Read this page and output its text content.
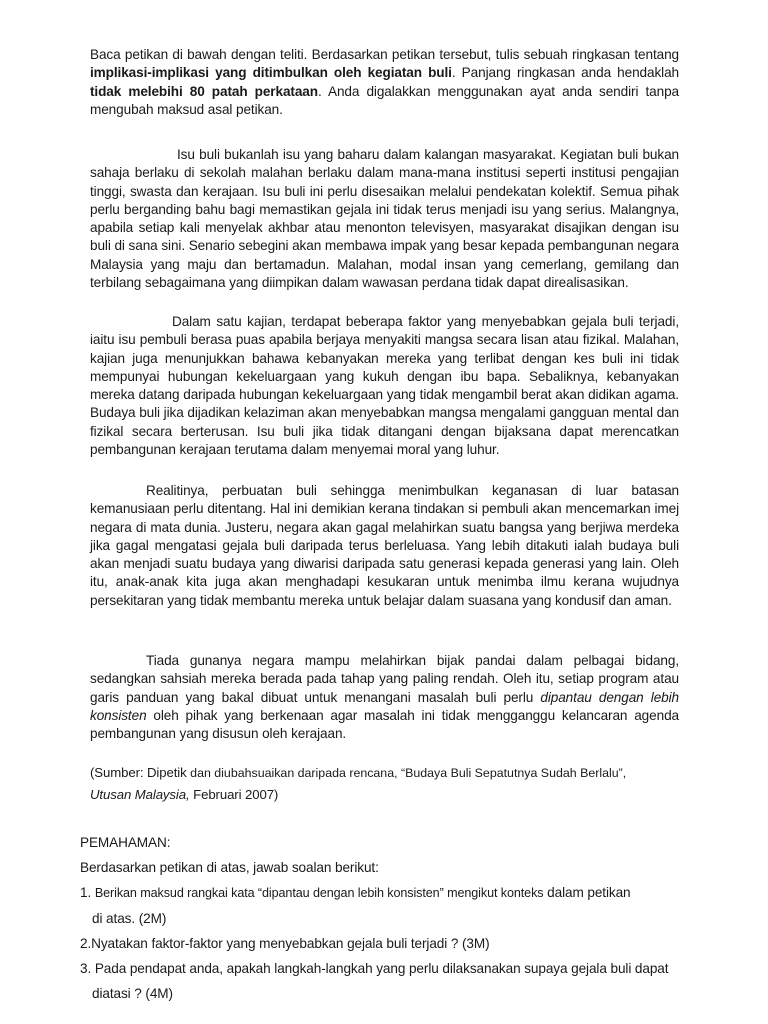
Baca petikan di bawah dengan teliti. Berdasarkan petikan tersebut, tulis sebuah ringkasan tentang implikasi-implikasi yang ditimbulkan oleh kegiatan buli. Panjang ringkasan anda hendaklah tidak melebihi 80 patah perkataan. Anda digalakkan menggunakan ayat anda sendiri tanpa mengubah maksud asal petikan.
Isu buli bukanlah isu yang baharu dalam kalangan masyarakat. Kegiatan buli bukan sahaja berlaku di sekolah malahan berlaku dalam mana-mana institusi seperti institusi pengajian tinggi, swasta dan kerajaan. Isu buli ini perlu disesaikan melalui pendekatan kolektif. Semua pihak perlu berganding bahu bagi memastikan gejala ini tidak terus menjadi isu yang serius. Malangnya, apabila setiap kali menyelak akhbar atau menonton televisyen, masyarakat disajikan dengan isu buli di sana sini. Senario sebegini akan membawa impak yang besar kepada pembangunan negara Malaysia yang maju dan bertamadun. Malahan, modal insan yang cemerlang, gemilang dan terbilang sebagaimana yang diimpikan dalam wawasan perdana tidak dapat direalisasikan.
Dalam satu kajian, terdapat beberapa faktor yang menyebabkan gejala buli terjadi, iaitu isu pembuli berasa puas apabila berjaya menyakiti mangsa secara lisan atau fizikal. Malahan, kajian juga menunjukkan bahawa kebanyakan mereka yang terlibat dengan kes buli ini tidak mempunyai hubungan kekeluargaan yang kukuh dengan ibu bapa. Sebaliknya, kebanyakan mereka datang daripada hubungan kekeluargaan yang tidak mengambil berat akan didikan agama. Budaya buli jika dijadikan kelaziman akan menyebabkan mangsa mengalami gangguan mental dan fizikal secara berterusan. Isu buli jika tidak ditangani dengan bijaksana dapat merencatkan pembangunan kerajaan terutama dalam menyemai moral yang luhur.
Realitinya, perbuatan buli sehingga menimbulkan keganasan di luar batasan kemanusiaan perlu ditentang. Hal ini demikian kerana tindakan si pembuli akan mencemarkan imej negara di mata dunia. Justeru, negara akan gagal melahirkan suatu bangsa yang berjiwa merdeka jika gagal mengatasi gejala buli daripada terus berleluasa. Yang lebih ditakuti ialah budaya buli akan menjadi suatu budaya yang diwarisi daripada satu generasi kepada generasi yang lain. Oleh itu, anak-anak kita juga akan menghadapi kesukaran untuk menimba ilmu kerana wujudnya persekitaran yang tidak membantu mereka untuk belajar dalam suasana yang kondusif dan aman.
Tiada gunanya negara mampu melahirkan bijak pandai dalam pelbagai bidang, sedangkan sahsiah mereka berada pada tahap yang paling rendah. Oleh itu, setiap program atau garis panduan yang bakal dibuat untuk menangani masalah buli perlu dipantau dengan lebih konsisten oleh pihak yang berkenaan agar masalah ini tidak mengganggu kelancaran agenda pembangunan yang disusun oleh kerajaan.
(Sumber: Dipetik dan diubahsuaikan daripada rencana, “Budaya Buli Sepatutnya Sudah Berlalu”,
Utusan Malaysia, Februari 2007)
PEMAHAMAN:
Berdasarkan petikan di atas, jawab soalan berikut:
1. Berikan maksud rangkai kata “dipantau dengan lebih konsisten” mengikut konteks dalam petikan
di atas. (2M)
2.Nyatakan faktor-faktor yang menyebabkan gejala buli terjadi ? (3M)
3. Pada pendapat anda, apakah langkah-langkah yang perlu dilaksanakan supaya gejala buli dapat
diatasi ? (4M)
